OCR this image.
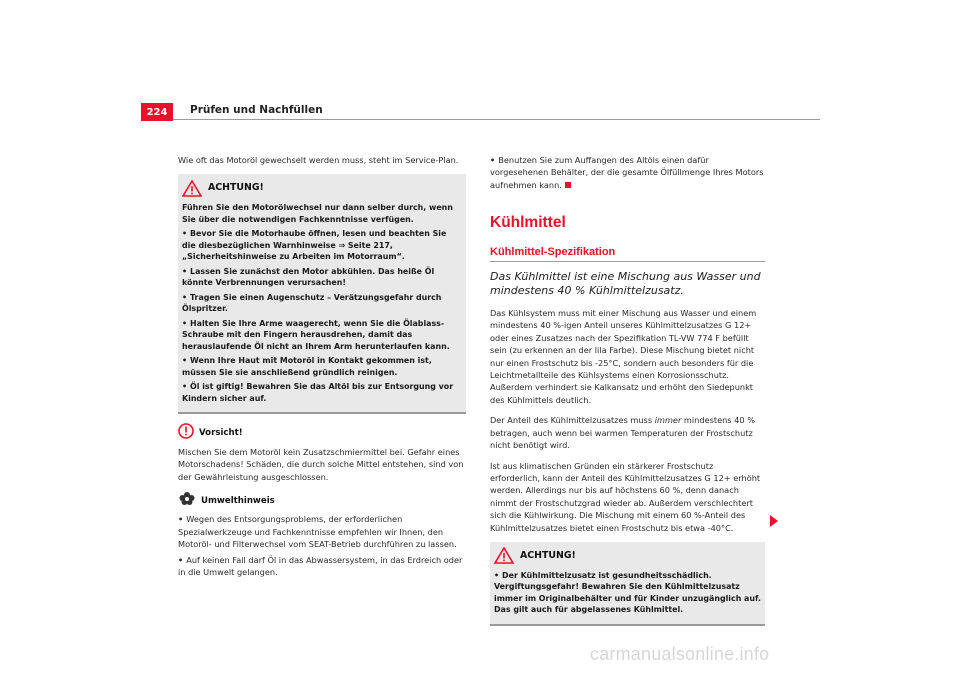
224	Prüfen und Nachfüllen

Wie oft das Motoröl gewechselt werden muss, steht im Service-Plan.

ACHTUNG!

Führen Sie den Motorölwechsel nur dann selber durch, wenn Sie über die notwendigen Fachkenntnisse verfügen.

• Bevor Sie die Motorhaube öffnen, lesen und beachten Sie die diesbezüglichen Warnhinweise ⇒ Seite 217, „Sicherheitshinweise zu Arbeiten im Motorraum“.

• Lassen Sie zunächst den Motor abkühlen. Das heiße Öl könnte Verbrennungen verursachen!

• Tragen Sie einen Augenschutz – Verätzungsgefahr durch Ölspritzer.

• Halten Sie Ihre Arme waagerecht, wenn Sie die Ölablass-Schraube mit den Fingern herausdrehen, damit das herauslaufende Öl nicht an Ihrem Arm herunterlaufen kann.

• Wenn Ihre Haut mit Motoröl in Kontakt gekommen ist, müssen Sie sie anschließend gründlich reinigen.

• Öl ist giftig! Bewahren Sie das Altöl bis zur Entsorgung vor Kindern sicher auf.

Vorsicht!

Mischen Sie dem Motoröl kein Zusatzschmiermittel bei. Gefahr eines Motorschadens! Schäden, die durch solche Mittel entstehen, sind von der Gewährleistung ausgeschlossen.

Umwelthinweis

• Wegen des Entsorgungsproblems, der erforderlichen Spezialwerkzeuge und Fachkenntnisse empfehlen wir Ihnen, den Motoröl- und Filterwechsel vom SEAT-Betrieb durchführen zu lassen.

• Auf keinen Fall darf Öl in das Abwassersystem, in das Erdreich oder in die Umwelt gelangen.

• Benutzen Sie zum Auffangen des Altöls einen dafür vorgesehenen Behälter, der die gesamte Ölfüllmenge Ihres Motors aufnehmen kann.

Kühlmittel
Kühlmittel-Spezifikation
Das Kühlmittel ist eine Mischung aus Wasser und mindestens 40 % Kühlmittelzusatz.

Das Kühlsystem muss mit einer Mischung aus Wasser und einem mindestens 40 %-igen Anteil unseres Kühlmittelzusatzes G 12+ oder eines Zusatzes nach der Spezifikation TL-VW 774 F befüllt sein (zu erkennen an der lila Farbe). Diese Mischung bietet nicht nur einen Frostschutz bis -25°C, sondern auch besonders für die Leichtmetallteile des Kühlsystems einen Korrosionsschutz. Außerdem verhindert sie Kalkansatz und erhöht den Siedepunkt des Kühlmittels deutlich.

Der Anteil des Kühlmittelzusatzes muss immer mindestens 40 % betragen, auch wenn bei warmen Temperaturen der Frostschutz nicht benötigt wird.

Ist aus klimatischen Gründen ein stärkerer Frostschutz erforderlich, kann der Anteil des Kühlmittelzusatzes G 12+ erhöht werden. Allerdings nur bis auf höchstens 60 %, denn danach nimmt der Frostschutzgrad wieder ab. Außerdem verschlechtert sich die Kühlwirkung. Die Mischung mit einem 60 %-Anteil des Kühlmittelzusatzes bietet einen Frostschutz bis etwa -40°C.

ACHTUNG!

• Der Kühlmittelzusatz ist gesundheitsschädlich. Vergiftungsgefahr! Bewahren Sie den Kühlmittelzusatz immer im Originalbehälter und für Kinder unzugänglich auf. Das gilt auch für abgelassenes Kühlmittel.

carmanualsonline.info
